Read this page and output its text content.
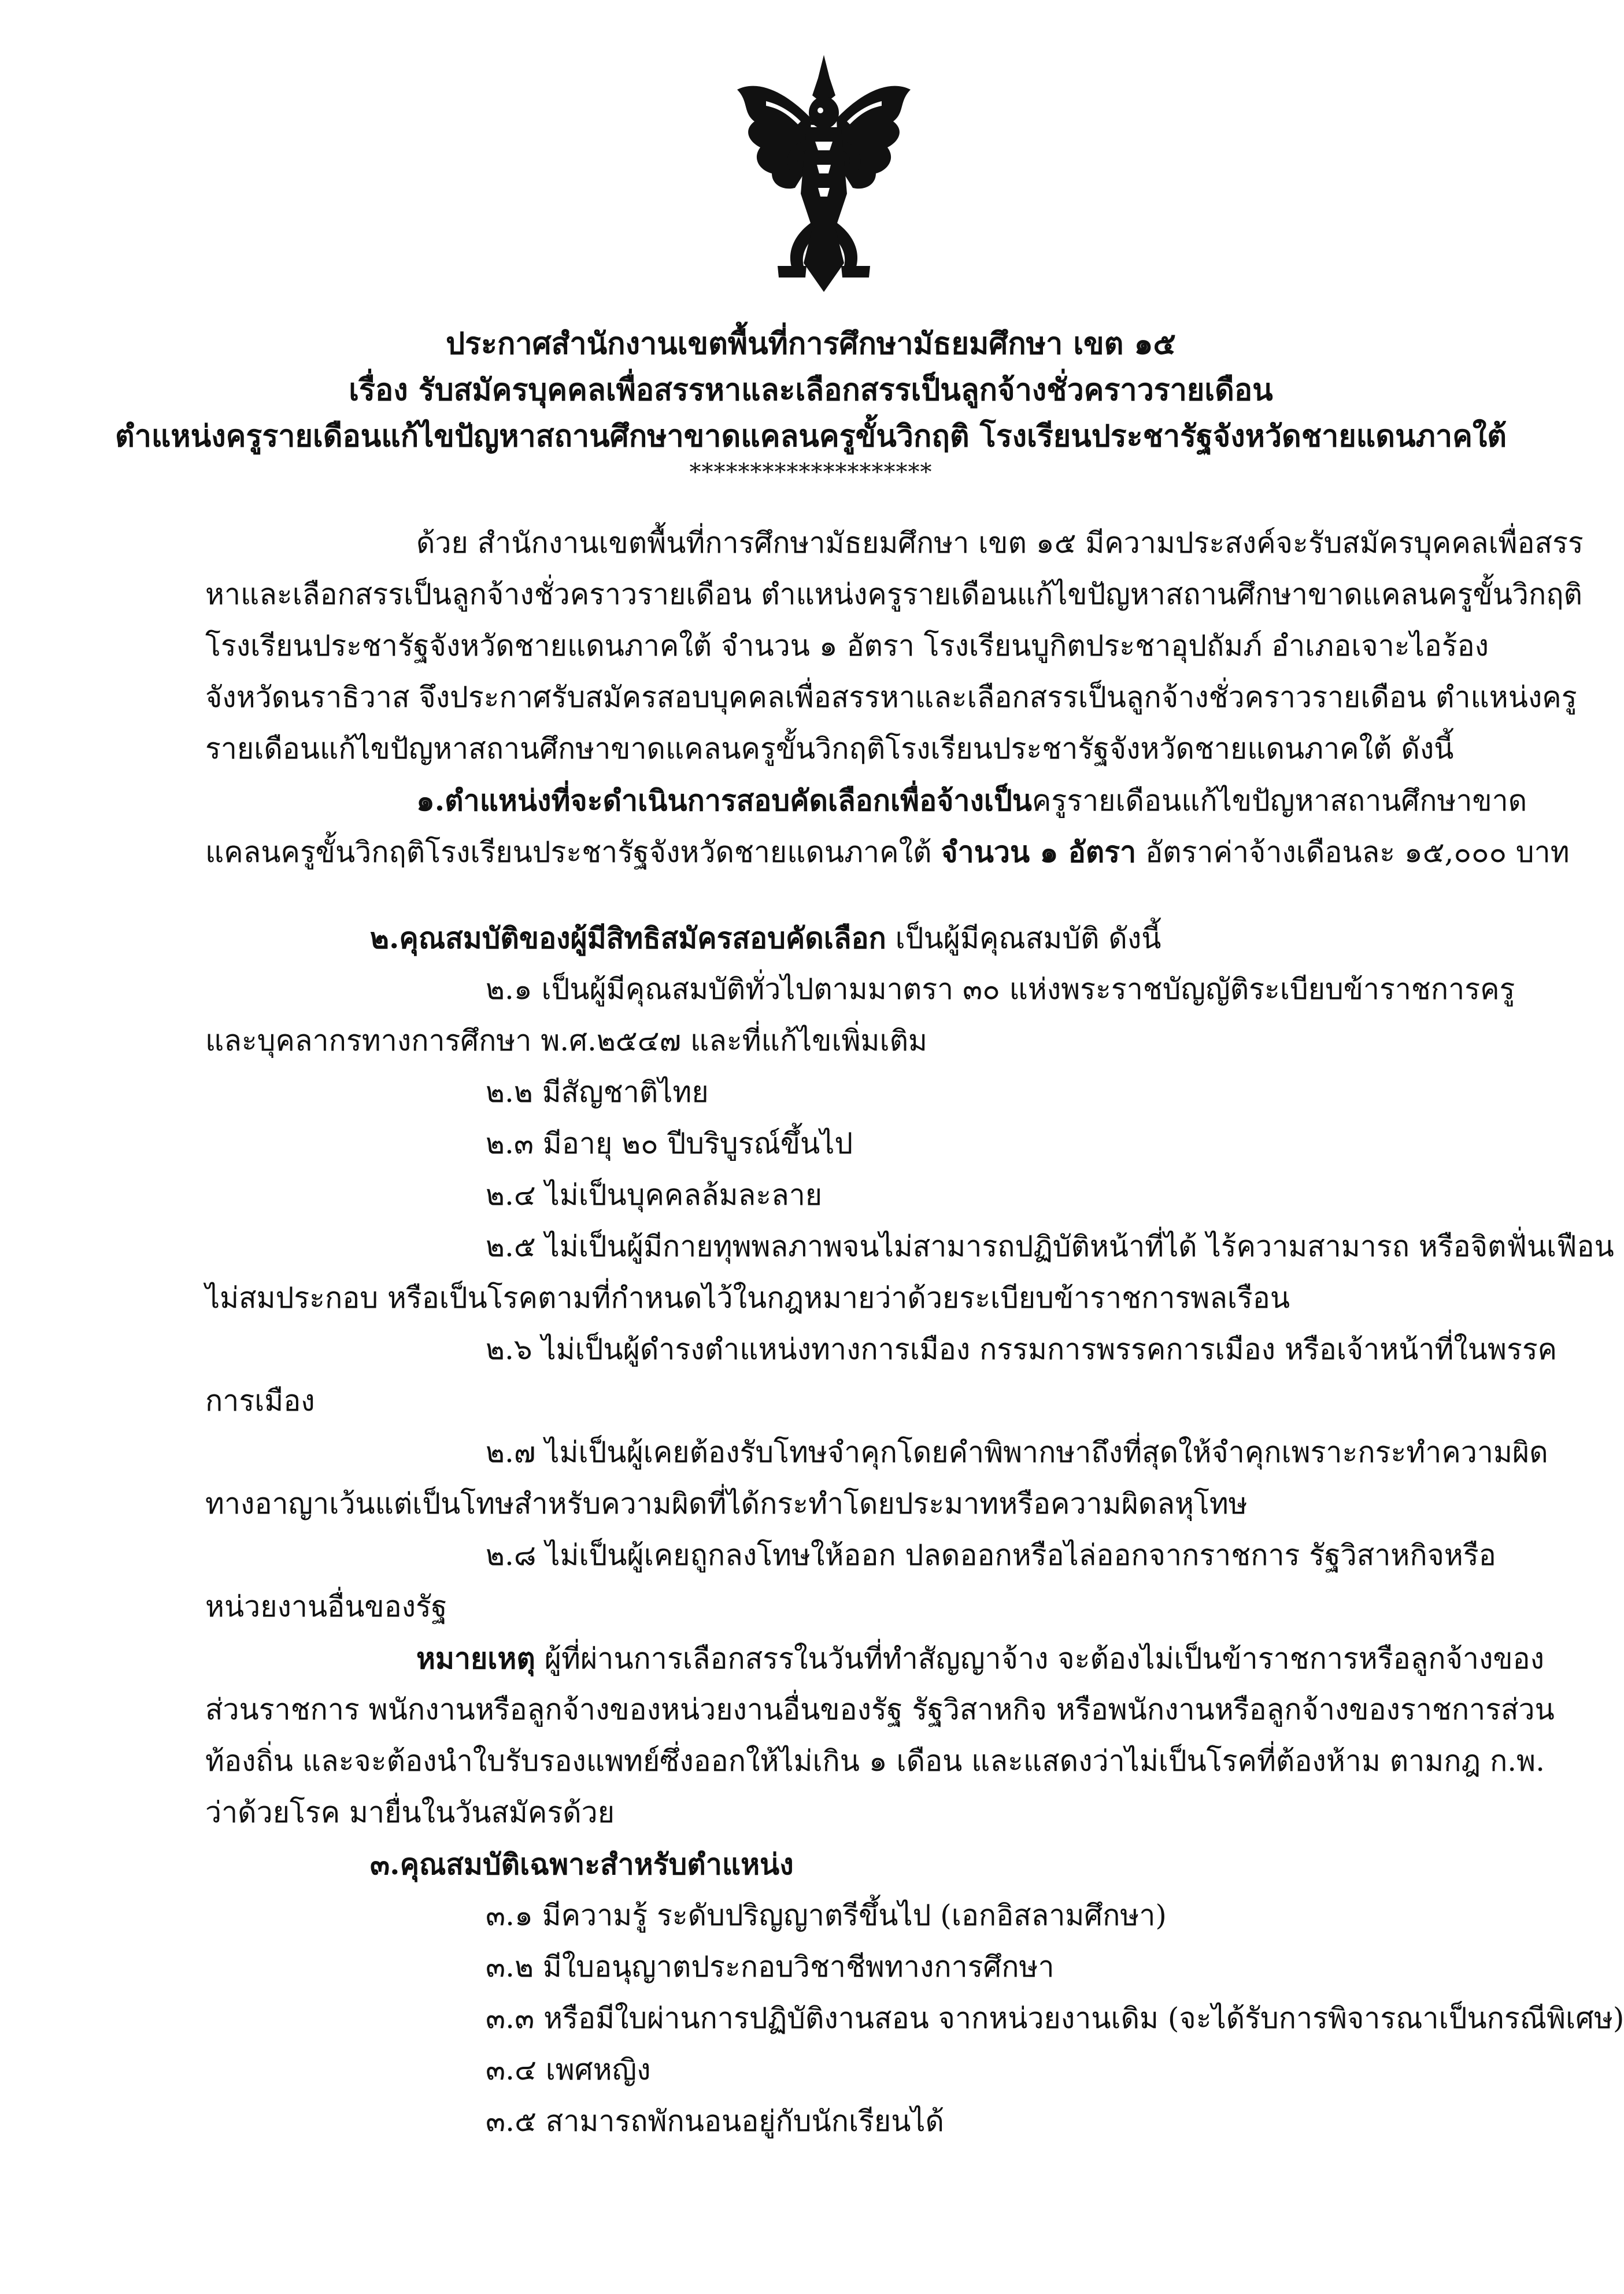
ประกาศสำนักงานเขตพื้นที่การศึกษามัธยมศึกษา เขต ๑๕
เรื่อง รับสมัครบุคคลเพื่อสรรหาและเลือกสรรเป็นลูกจ้างชั่วคราวรายเดือน
ตำแหน่งครูรายเดือนแก้ไขปัญหาสถานศึกษาขาดแคลนครูขั้นวิกฤติ โรงเรียนประชารัฐจังหวัดชายแดนภาคใต้
********************
ด้วย สำนักงานเขตพื้นที่การศึกษามัธยมศึกษา เขต ๑๕ มีความประสงค์จะรับสมัครบุคคลเพื่อสรร
หาและเลือกสรรเป็นลูกจ้างชั่วคราวรายเดือน ตำแหน่งครูรายเดือนแก้ไขปัญหาสถานศึกษาขาดแคลนครูขั้นวิกฤติ
โรงเรียนประชารัฐจังหวัดชายแดนภาคใต้ จำนวน ๑ อัตรา โรงเรียนบูกิตประชาอุปถัมภ์ อำเภอเจาะไอร้อง
จังหวัดนราธิวาส จึงประกาศรับสมัครสอบบุคคลเพื่อสรรหาและเลือกสรรเป็นลูกจ้างชั่วคราวรายเดือน ตำแหน่งครู
รายเดือนแก้ไขปัญหาสถานศึกษาขาดแคลนครูขั้นวิกฤติโรงเรียนประชารัฐจังหวัดชายแดนภาคใต้ ดังนี้
๑.ตำแหน่งที่จะดำเนินการสอบคัดเลือกเพื่อจ้างเป็นครูรายเดือนแก้ไขปัญหาสถานศึกษาขาด
แคลนครูขั้นวิกฤติโรงเรียนประชารัฐจังหวัดชายแดนภาคใต้ จำนวน ๑ อัตรา อัตราค่าจ้างเดือนละ ๑๕,๐๐๐ บาท
๒.คุณสมบัติของผู้มีสิทธิสมัครสอบคัดเลือก เป็นผู้มีคุณสมบัติ ดังนี้
๒.๑ เป็นผู้มีคุณสมบัติทั่วไปตามมาตรา ๓๐ แห่งพระราชบัญญัติระเบียบข้าราชการครู
และบุคลากรทางการศึกษา พ.ศ.๒๕๔๗ และที่แก้ไขเพิ่มเติม
๒.๒ มีสัญชาติไทย
๒.๓ มีอายุ ๒๐ ปีบริบูรณ์ขึ้นไป
๒.๔ ไม่เป็นบุคคลล้มละลาย
๒.๕ ไม่เป็นผู้มีกายทุพพลภาพจนไม่สามารถปฏิบัติหน้าที่ได้ ไร้ความสามารถ หรือจิตฟั่นเฟือน
ไม่สมประกอบ หรือเป็นโรคตามที่กำหนดไว้ในกฎหมายว่าด้วยระเบียบข้าราชการพลเรือน
๒.๖ ไม่เป็นผู้ดำรงตำแหน่งทางการเมือง กรรมการพรรคการเมือง หรือเจ้าหน้าที่ในพรรค
การเมือง
๒.๗ ไม่เป็นผู้เคยต้องรับโทษจำคุกโดยคำพิพากษาถึงที่สุดให้จำคุกเพราะกระทำความผิด
ทางอาญาเว้นแต่เป็นโทษสำหรับความผิดที่ได้กระทำโดยประมาทหรือความผิดลหุโทษ
๒.๘ ไม่เป็นผู้เคยถูกลงโทษให้ออก ปลดออกหรือไล่ออกจากราชการ รัฐวิสาหกิจหรือ
หน่วยงานอื่นของรัฐ
หมายเหตุ ผู้ที่ผ่านการเลือกสรรในวันที่ทำสัญญาจ้าง จะต้องไม่เป็นข้าราชการหรือลูกจ้างของ
ส่วนราชการ พนักงานหรือลูกจ้างของหน่วยงานอื่นของรัฐ รัฐวิสาหกิจ หรือพนักงานหรือลูกจ้างของราชการส่วน
ท้องถิ่น และจะต้องนำใบรับรองแพทย์ซึ่งออกให้ไม่เกิน ๑ เดือน และแสดงว่าไม่เป็นโรคที่ต้องห้าม ตามกฎ ก.พ.
ว่าด้วยโรค มายื่นในวันสมัครด้วย
๓.คุณสมบัติเฉพาะสำหรับตำแหน่ง
๓.๑ มีความรู้ ระดับปริญญาตรีขึ้นไป (เอกอิสลามศึกษา)
๓.๒ มีใบอนุญาตประกอบวิชาชีพทางการศึกษา
๓.๓ หรือมีใบผ่านการปฏิบัติงานสอน จากหน่วยงานเดิม (จะได้รับการพิจารณาเป็นกรณีพิเศษ)
๓.๔ เพศหญิง
๓.๕ สามารถพักนอนอยู่กับนักเรียนได้
